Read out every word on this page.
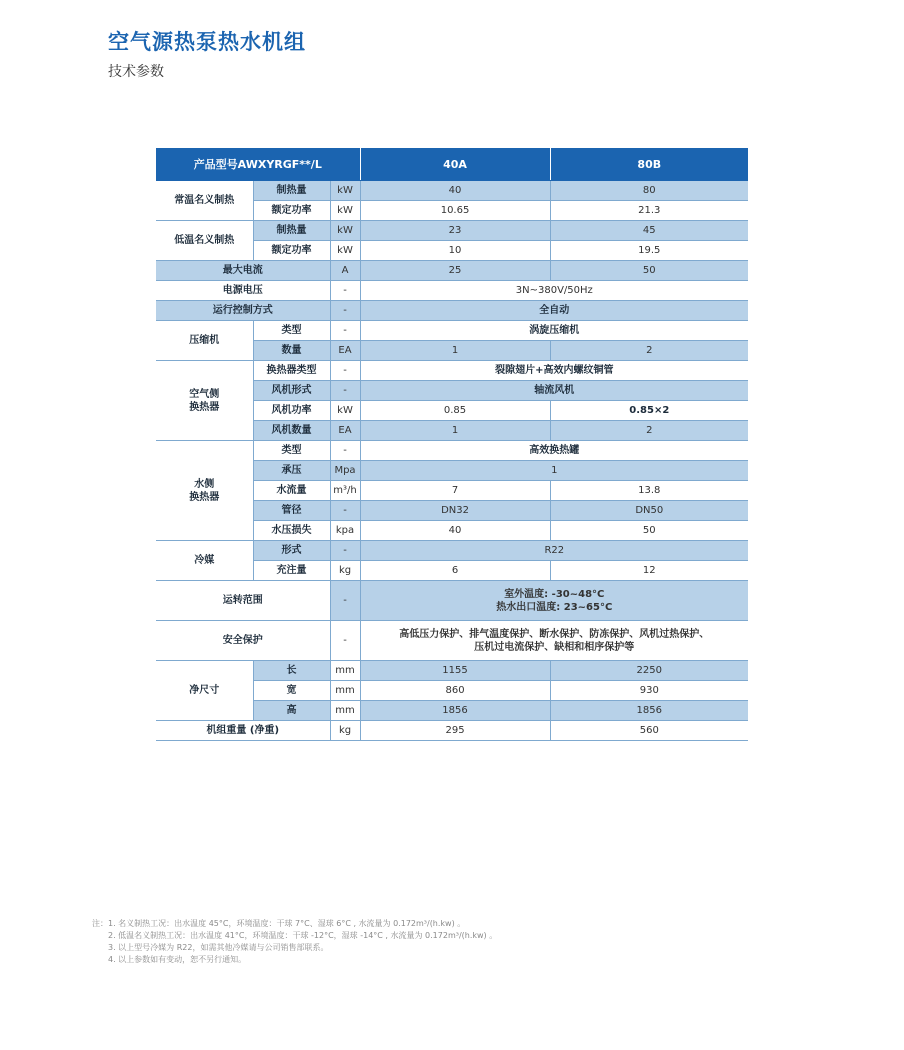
空气源热泵热水机组
技术参数
产品型号AWXYRGF**/L			40A	80B
常温名义制热	制热量	kW	40	80
	额定功率	kW	10.65	21.3
低温名义制热	制热量	kW	23	45
	额定功率	kW	10	19.5
最大电流		A	25	50
电源电压		-	3N~380V/50Hz	
运行控制方式		-	全自动	
压缩机	类型	-	涡旋压缩机	
	数量	EA	1	2

空气侧
换热器	换热器类型	-	裂隙翅片+高效内螺纹铜管	
	风机形式	-	轴流风机	
	风机功率	kW	0.85	0.85×2
	风机数量	EA	1	2

水侧
换热器	类型	-	高效换热罐	
	承压	Mpa	1	
	水流量	m³/h	7	13.8
	管径	-	DN32	DN50
	水压损失	kpa	40	50
冷媒	形式	-	R22	
	充注量	kg	6	12
运转范围		-	室外温度: -30~48°C
热水出口温度: 23~65°C	

安全保护		-	高低压力保护、排气温度保护、断水保护、防冻保护、风机过热保护、
压机过电流保护、缺相和相序保护等	

净尺寸	长	mm	1155	2250
	宽	mm	860	930
	高	mm	1856	1856
机组重量 (净重)		kg	295	560
注：1. 名义制热工况：出水温度 45°C，环境温度：干球 7°C、湿球 6°C , 水流量为 0.172m³/(h.kw) 。
2. 低温名义制热工况：出水温度 41°C，环境温度：干球 -12°C，湿球 -14°C , 水流量为 0.172m³/(h.kw) 。
3. 以上型号冷媒为 R22，如需其他冷媒请与公司销售部联系。
4. 以上参数如有变动，恕不另行通知。
